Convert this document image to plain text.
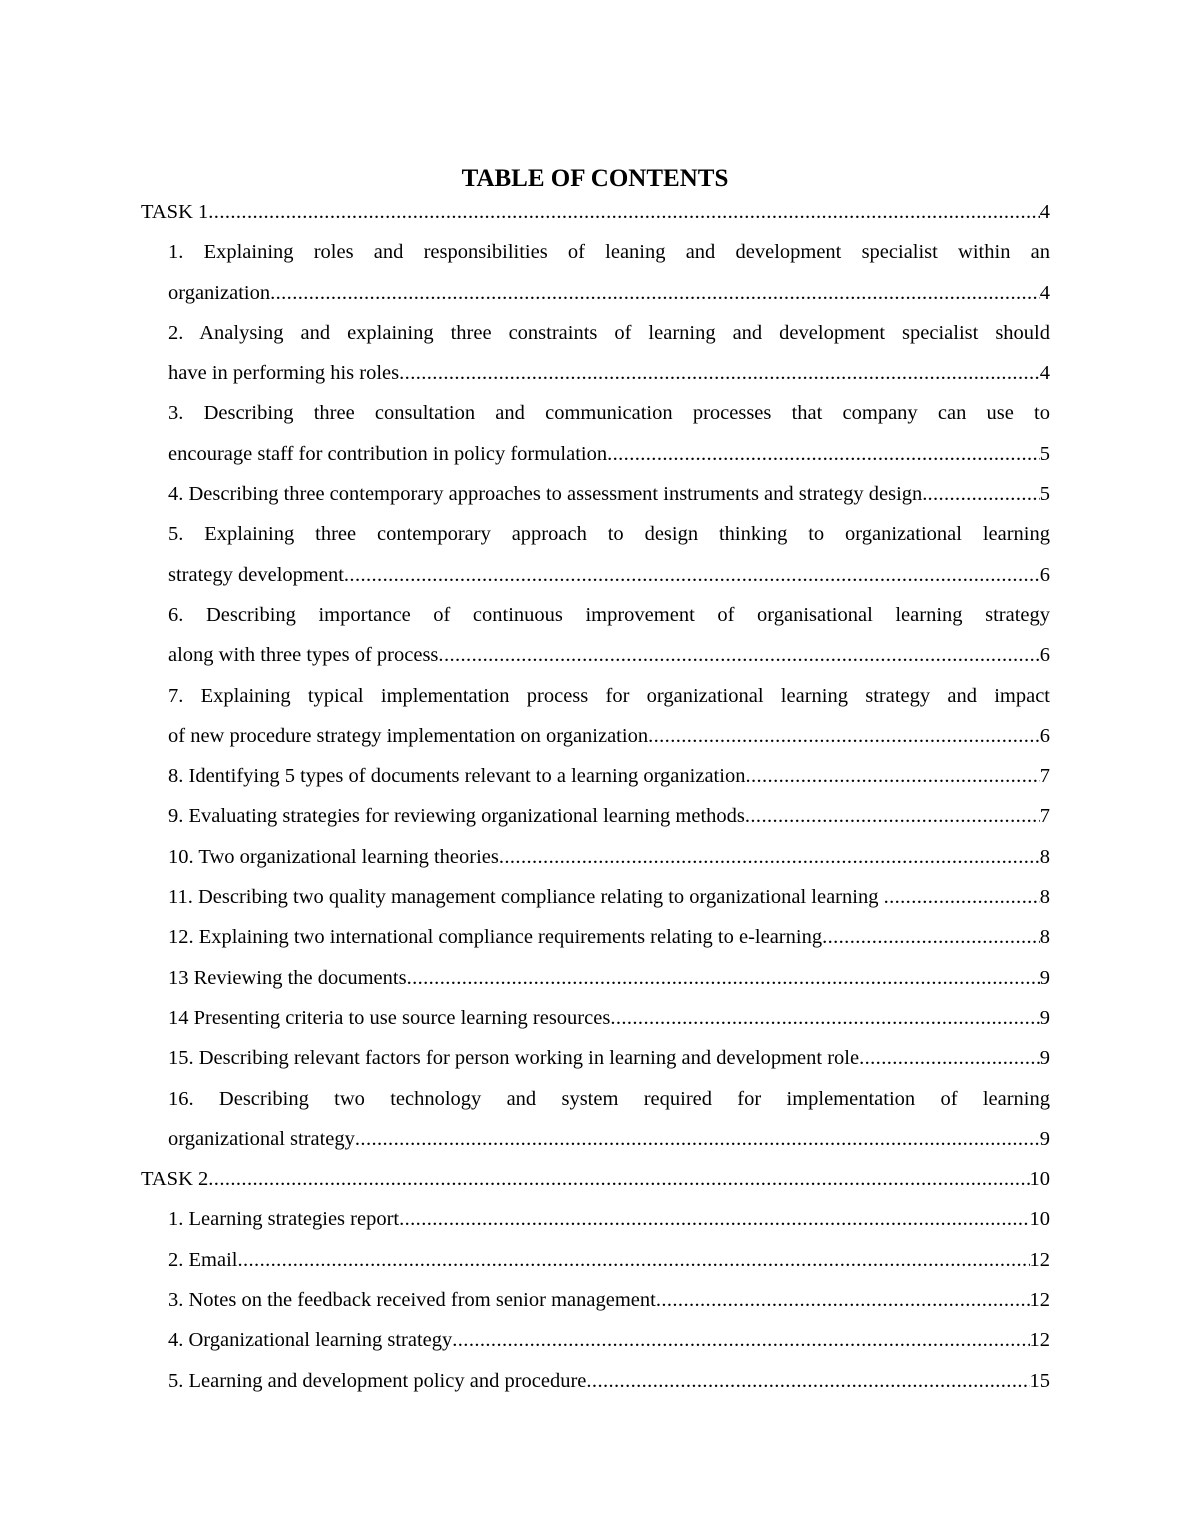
TABLE OF CONTENTS
TASK 1 .....	4
1. Explaining roles and responsibilities of leaning and development specialist within an
organization .....	4
2. Analysing and explaining three constraints of learning and development specialist should
have in performing his roles .....	4
3. Describing three consultation and communication processes that company can use to
encourage staff for contribution in policy formulation .....	5
4. Describing three contemporary approaches to assessment instruments and strategy design. .....	5
5. Explaining three contemporary approach to design thinking to organizational learning
strategy development .....	6
6. Describing importance of continuous improvement of organisational learning strategy
along with three types of process .....	6
7. Explaining typical implementation process for organizational learning strategy and impact
of new procedure strategy implementation on organization .....	6
8. Identifying 5 types of documents relevant to a learning organization .....	7
9. Evaluating strategies for reviewing organizational learning methods .....	7
10. Two organizational learning theories .....	8
11. Describing two quality management compliance relating to organizational learning .....	8
12. Explaining two international compliance requirements relating to e-learning .....	8
13 Reviewing the documents .....	9
14 Presenting criteria to use source learning resources .....	9
15. Describing relevant factors for person working in learning and development role .....	9
16. Describing two technology and system required for implementation of learning
organizational strategy .....	9
TASK 2 .....	10
1. Learning strategies report .....	10
2. Email .....	12
3. Notes on the feedback received from senior management .....	12
4. Organizational learning strategy .....	12
5. Learning and development policy and procedure .....	15
